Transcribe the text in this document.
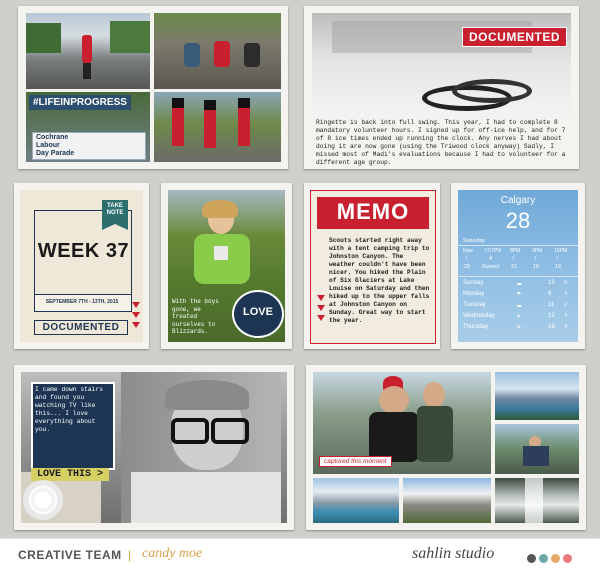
#LIFEINPROGRESS
Cochrane
Labour
Day Parade
DOCUMENTED
Ringette is back into full swing. This year, I had to complete 8 mandatory volunteer hours. I signed up for off-ice help, and for 7 of 8 ice times ended up running the clock. Any nerves I had about doing it are now gone (using the Triwood clock anyway) Sadly, I missed most of Madi's evaluations because I had to volunteer for a different age group.
TAKE
NOTE
WEEK 37
SEPTEMBER 7TH - 13TH, 2015
DOCUMENTED
With the boys gone, we treated ourselves to Blizzards.
LOVE
MEMO
Scouts started right away with a tent camping trip to Johnston Canyon. The weather couldn't have been nicer. You hiked the Plain of Six Glaciers at Lake Louise on Saturday and then hiked up to the upper falls at Johnston Canyon on Sunday. Great way to start the year.
Calgary
28
Saturday
Now 7:57PM 8PM 9PM 10PM
☾	☀	☾	☾	☾
28 Sunset 21	18	16
Sunday	☁	13 6
Monday	☂	8 4
Tuesday	☁	11 2
Wednesday	☀	12 4
Thursday	☀	16 4
I came down stairs and found you watching TV like this... I love everything about you.
LOVE THIS >
captured this moment
CREATIVE TEAM | candy moe	sahlin studio
